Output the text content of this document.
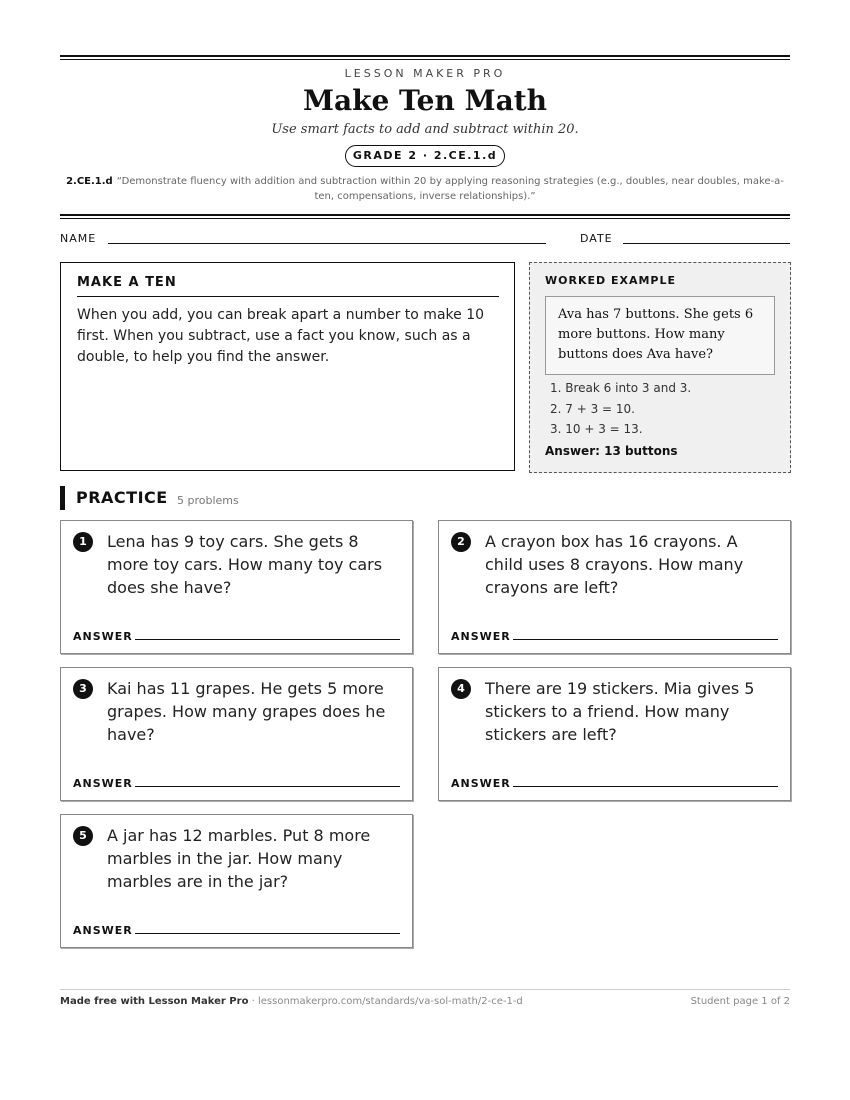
LESSON MAKER PRO
Make Ten Math
Use smart facts to add and subtract within 20.
GRADE 2 · 2.CE.1.d
2.CE.1.d “Demonstrate fluency with addition and subtraction within 20 by applying reasoning strategies (e.g., doubles, near doubles, make-a-ten, compensations, inverse relationships).”
NAME	DATE
MAKE A TEN
When you add, you can break apart a number to make 10 first. When you subtract, use a fact you know, such as a double, to help you find the answer.
WORKED EXAMPLE
Ava has 7 buttons. She gets 6 more buttons. How many buttons does Ava have?
1. Break 6 into 3 and 3.
2. 7 + 3 = 10.
3. 10 + 3 = 13.
Answer: 13 buttons
PRACTICE 5 problems
1	Lena has 9 toy cars. She gets 8 more toy cars. How many toy cars does she have?
ANSWER
2	A crayon box has 16 crayons. A child uses 8 crayons. How many crayons are left?
ANSWER
3	Kai has 11 grapes. He gets 5 more grapes. How many grapes does he have?
ANSWER
4	There are 19 stickers. Mia gives 5 stickers to a friend. How many stickers are left?
ANSWER
5	A jar has 12 marbles. Put 8 more marbles in the jar. How many marbles are in the jar?
ANSWER
Made free with Lesson Maker Pro · lessonmakerpro.com/standards/va-sol-math/2-ce-1-d	Student page 1 of 2
